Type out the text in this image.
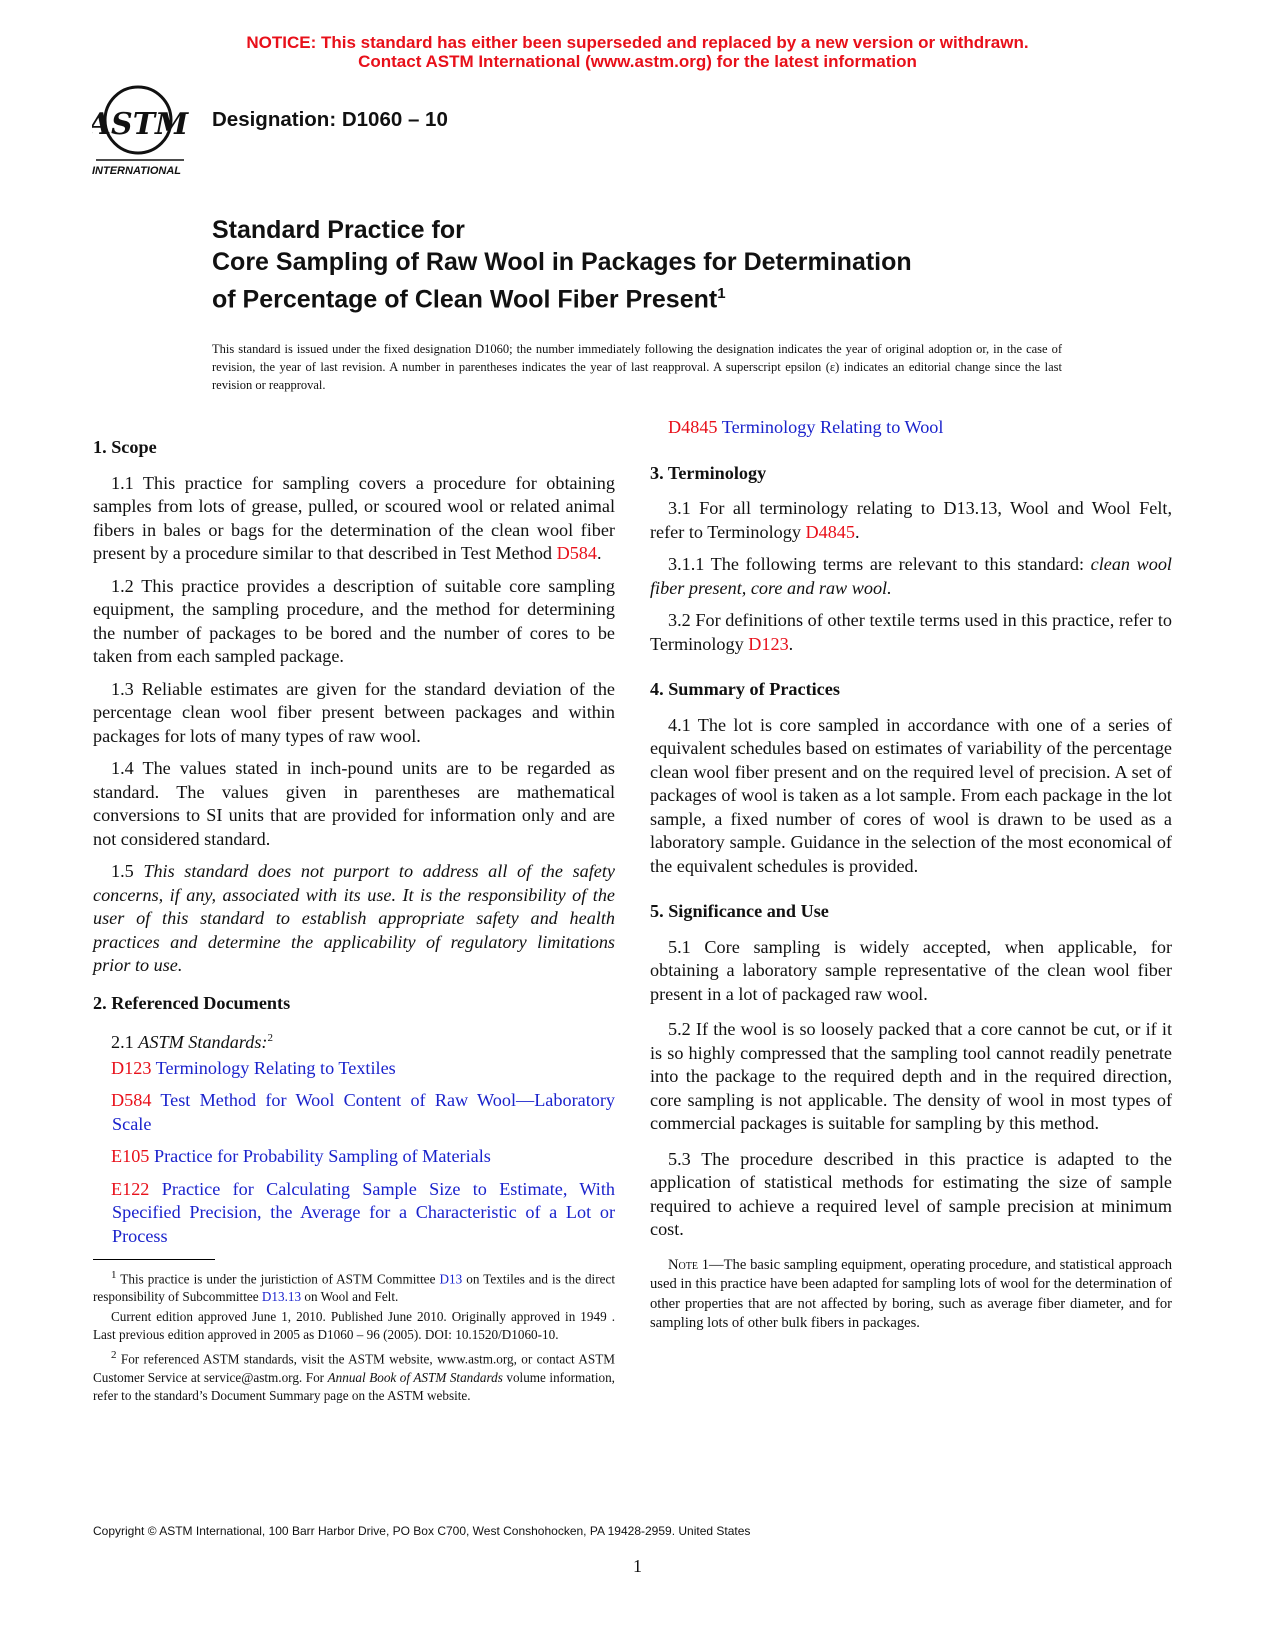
NOTICE: This standard has either been superseded and replaced by a new version or withdrawn.
Contact ASTM International (www.astm.org) for the latest information
ASTM
INTERNATIONAL
Designation: D1060 – 10
Standard Practice for
Core Sampling of Raw Wool in Packages for Determination
of Percentage of Clean Wool Fiber Present$^1$
This standard is issued under the fixed designation D1060; the number immediately following the designation indicates the year of original adoption or, in the case of revision, the year of last revision. A number in parentheses indicates the year of last reapproval. A superscript epsilon (ε) indicates an editorial change since the last revision or reapproval.

1. Scope

1.1 This practice for sampling covers a procedure for obtaining samples from lots of grease, pulled, or scoured wool or related animal fibers in bales or bags for the determination of the clean wool fiber present by a procedure similar to that described in Test Method D584.

1.2 This practice provides a description of suitable core sampling equipment, the sampling procedure, and the method for determining the number of packages to be bored and the number of cores to be taken from each sampled package.

1.3 Reliable estimates are given for the standard deviation of the percentage clean wool fiber present between packages and within packages for lots of many types of raw wool.

1.4 The values stated in inch-pound units are to be regarded as standard. The values given in parentheses are mathematical conversions to SI units that are provided for information only and are not considered standard.

1.5 This standard does not purport to address all of the safety concerns, if any, associated with its use. It is the responsibility of the user of this standard to establish appropriate safety and health practices and determine the applicability of regulatory limitations prior to use.

2. Referenced Documents

2.1 ASTM Standards:$^2$

D123 Terminology Relating to Textiles

D584 Test Method for Wool Content of Raw Wool—Laboratory Scale

E105 Practice for Probability Sampling of Materials

E122 Practice for Calculating Sample Size to Estimate, With Specified Precision, the Average for a Characteristic of a Lot or Process

$^1$ This practice is under the juristiction of ASTM Committee D13 on Textiles and is the direct responsibility of Subcommittee D13.13 on Wool and Felt.

Current edition approved June 1, 2010. Published June 2010. Originally approved in 1949 . Last previous edition approved in 2005 as D1060 – 96 (2005). DOI: 10.1520/D1060-10.

$^2$ For referenced ASTM standards, visit the ASTM website, www.astm.org, or contact ASTM Customer Service at service@astm.org. For Annual Book of ASTM Standards volume information, refer to the standard’s Document Summary page on the ASTM website.

D4845 Terminology Relating to Wool

3. Terminology

3.1 For all terminology relating to D13.13, Wool and Wool Felt, refer to Terminology D4845.

3.1.1 The following terms are relevant to this standard: clean wool fiber present, core and raw wool.

3.2 For definitions of other textile terms used in this practice, refer to Terminology D123.

4. Summary of Practices

4.1 The lot is core sampled in accordance with one of a series of equivalent schedules based on estimates of variability of the percentage clean wool fiber present and on the required level of precision. A set of packages of wool is taken as a lot sample. From each package in the lot sample, a fixed number of cores of wool is drawn to be used as a laboratory sample. Guidance in the selection of the most economical of the equivalent schedules is provided.

5. Significance and Use

5.1 Core sampling is widely accepted, when applicable, for obtaining a laboratory sample representative of the clean wool fiber present in a lot of packaged raw wool.

5.2 If the wool is so loosely packed that a core cannot be cut, or if it is so highly compressed that the sampling tool cannot readily penetrate into the package to the required depth and in the required direction, core sampling is not applicable. The density of wool in most types of commercial packages is suitable for sampling by this method.

5.3 The procedure described in this practice is adapted to the application of statistical methods for estimating the size of sample required to achieve a required level of sample precision at minimum cost.

Note 1—The basic sampling equipment, operating procedure, and statistical approach used in this practice have been adapted for sampling lots of wool for the determination of other properties that are not affected by boring, such as average fiber diameter, and for sampling lots of other bulk fibers in packages.

Copyright © ASTM International, 100 Barr Harbor Drive, PO Box C700, West Conshohocken, PA 19428-2959. United States
1
